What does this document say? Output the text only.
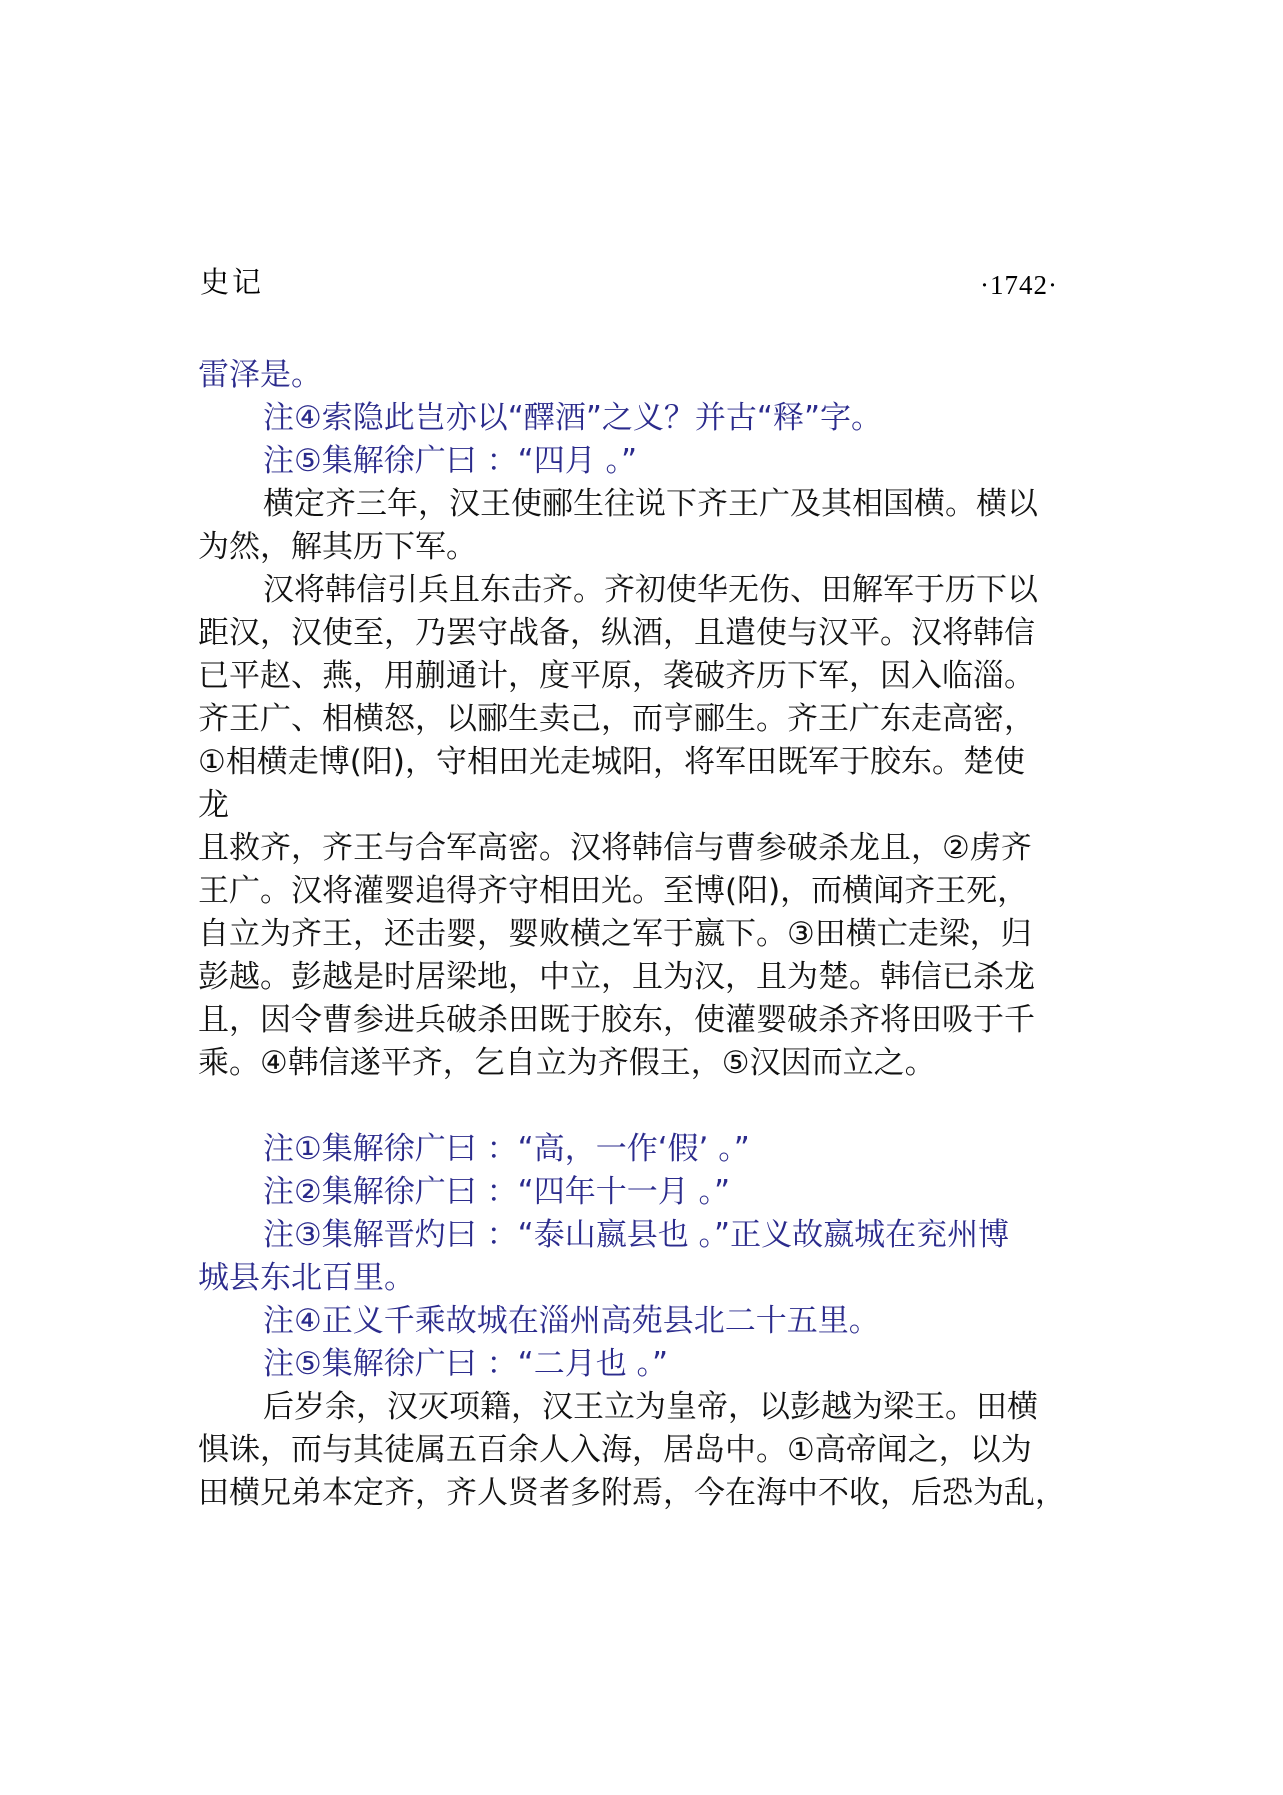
史记	·1742·
雷泽是。
注④索隐此岂亦以“醳酒”之义？并古“释”字。
注⑤集解徐广曰 ：“四月 。”
横定齐三年，汉王使郦生往说下齐王广及其相国横。横以
为然，解其历下军。
汉将韩信引兵且东击齐。齐初使华无伤、田解军于历下以
距汉，汉使至，乃罢守战备，纵酒，且遣使与汉平。汉将韩信
已平赵、燕，用蒯通计，度平原，袭破齐历下军，因入临淄。
齐王广、相横怒，以郦生卖己，而亨郦生。齐王广东走高密，
①相横走博(阳)，守相田光走城阳，将军田既军于胶东。楚使
龙
且救齐，齐王与合军高密。汉将韩信与曹参破杀龙且，②虏齐
王广。汉将灌婴追得齐守相田光。至博(阳)，而横闻齐王死，
自立为齐王，还击婴，婴败横之军于嬴下。③田横亡走梁，归
彭越。彭越是时居梁地，中立，且为汉，且为楚。韩信已杀龙
且，因令曹参进兵破杀田既于胶东，使灌婴破杀齐将田吸于千
乘。④韩信遂平齐，乞自立为齐假王，⑤汉因而立之。
注①集解徐广曰 ：“高，一作‘假’ 。”
注②集解徐广曰 ：“四年十一月 。”
注③集解晋灼曰 ：“泰山嬴县也 。”正义故嬴城在兖州博
城县东北百里。
注④正义千乘故城在淄州高苑县北二十五里。
注⑤集解徐广曰 ：“二月也 。”
后岁余，汉灭项籍，汉王立为皇帝，以彭越为梁王。田横
惧诛，而与其徒属五百余人入海，居岛中。①高帝闻之，以为
田横兄弟本定齐，齐人贤者多附焉，今在海中不收，后恐为乱，
